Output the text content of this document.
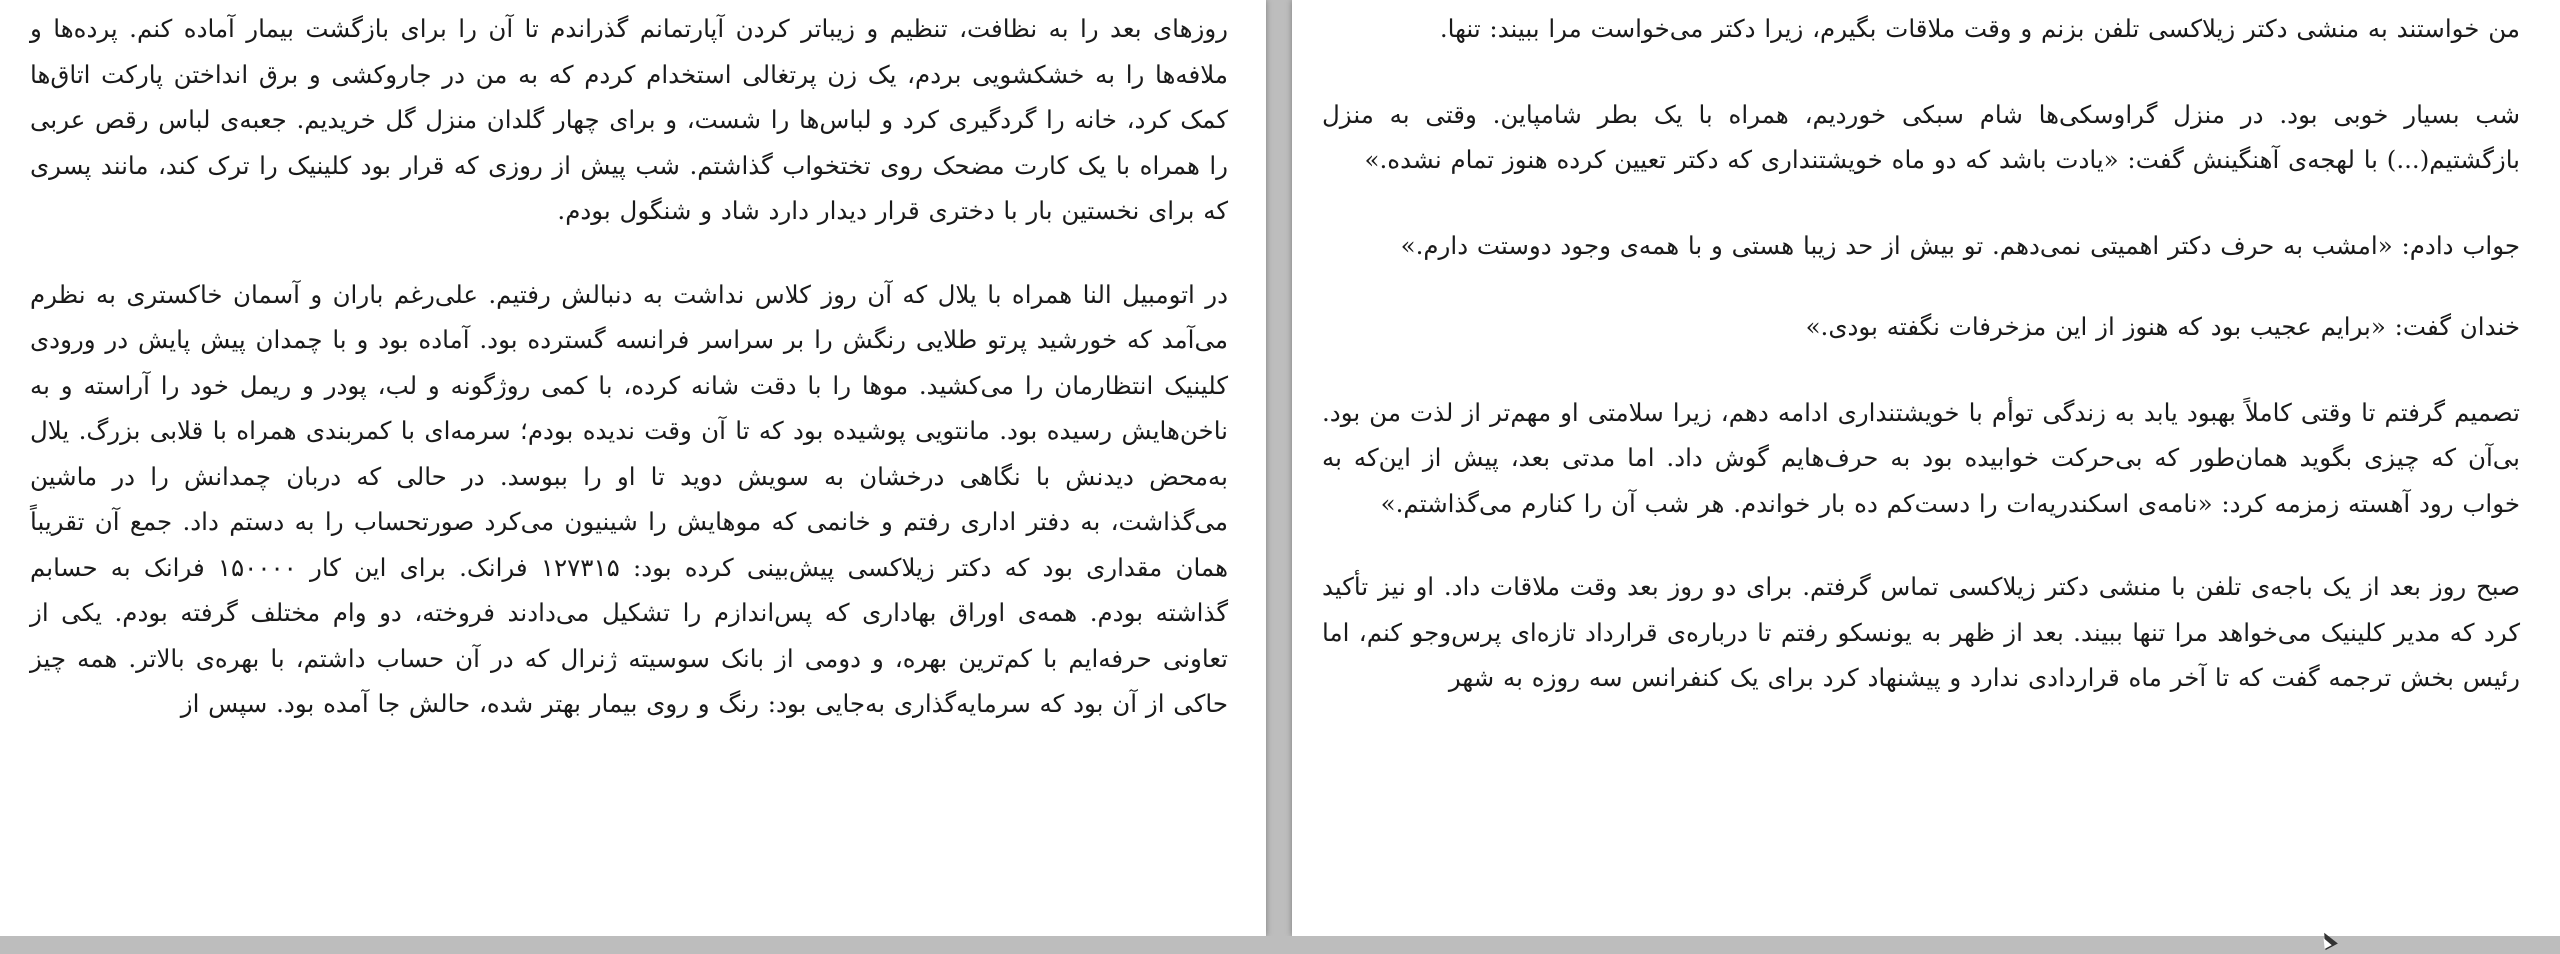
روزهای بعد را به نظافت، تنظیم و زیباتر کردن آپارتمانم گذراندم تا آن را برای بازگشت بیمار آماده کنم. پرده‌ها و ملافه‌ها را به خشکشویی بردم، یک زن پرتغالی استخدام کردم که به من در جاروکشی و برق انداختن پارکت اتاق‌ها کمک کرد، خانه را گردگیری کرد و لباس‌ها را شست، و برای چهار گلدان منزل گل خریدیم. جعبه‌ی لباس رقص عربی را همراه با یک کارت مضحک روی تختخواب گذاشتم. شب پیش از روزی که قرار بود کلینیک را ترک کند، مانند پسری که برای نخستین بار با دختری قرار دیدار دارد شاد و شنگول بودم.

در اتومبیل النا همراه با یلال که آن روز کلاس نداشت به دنبالش رفتیم. علی‌رغم باران و آسمان خاکستری به نظرم می‌آمد که خورشید پرتو طلایی رنگش را بر سراسر فرانسه گسترده بود. آماده بود و با چمدان پیش پایش در ورودی کلینیک انتظارمان را می‌کشید. موها را با دقت شانه کرده، با کمی روژگونه و لب، پودر و ریمل خود را آراسته و به ناخن‌هایش رسیده بود. مانتویی پوشیده بود که تا آن وقت ندیده بودم؛ سرمه‌ای با کمربندی همراه با قلابی بزرگ. یلال به‌محض دیدنش با نگاهی درخشان به سویش دوید تا او را ببوسد. در حالی که دربان چمدانش را در ماشین می‌گذاشت، به دفتر اداری رفتم و خانمی که موهایش را شینیون می‌کرد صورتحساب را به دستم داد. جمع آن تقریباً همان مقداری بود که دکتر زیلاکسی پیش‌بینی کرده بود: ۱۲۷۳۱۵ فرانک. برای این کار ۱۵۰۰۰۰ فرانک به حسابم گذاشته بودم. همه‌ی اوراق بهاداری که پس‌اندازم را تشکیل می‌دادند فروخته، دو وام مختلف گرفته بودم. یکی از تعاونی حرفه‌ایم با کم‌ترین بهره، و دومی از بانک سوسیته ژنرال که در آن حساب داشتم، با بهره‌ی بالاتر. همه چیز حاکی از آن بود که سرمایه‌گذاری به‌جایی بود: رنگ و روی بیمار بهتر شده، حالش جا آمده بود. سپس از

من خواستند به منشی دکتر زیلاکسی تلفن بزنم و وقت ملاقات بگیرم، زیرا دکتر می‌خواست مرا ببیند: تنها.

شب بسیار خوبی بود. در منزل گراوسکی‌ها شام سبکی خوردیم، همراه با یک بطر شامپاین. وقتی به منزل بازگشتیم(...) با لهجه‌ی آهنگینش گفت: «یادت باشد که دو ماه خویشتنداری که دکتر تعیین کرده هنوز تمام نشده.»

جواب دادم: «امشب به حرف دکتر اهمیتی نمی‌دهم. تو بیش از حد زیبا هستی و با همه‌ی وجود دوستت دارم.»

خندان گفت: «برایم عجیب بود که هنوز از این مزخرفات نگفته بودی.»

تصمیم گرفتم تا وقتی کاملاً بهبود یابد به زندگی توأم با خویشتنداری ادامه دهم، زیرا سلامتی او مهم‌تر از لذت من بود. بی‌آن که چیزی بگوید همان‌طور که بی‌حرکت خوابیده بود به حرف‌هایم گوش داد. اما مدتی بعد، پیش از این‌که به خواب رود آهسته زمزمه کرد: «نامه‌ی اسکندریه‌ات را دست‌کم ده بار خواندم. هر شب آن را کنارم می‌گذاشتم.»

صبح روز بعد از یک باجه‌ی تلفن با منشی دکتر زیلاکسی تماس گرفتم. برای دو روز بعد وقت ملاقات داد. او نیز تأکید کرد که مدیر کلینیک می‌خواهد مرا تنها ببیند. بعد از ظهر به یونسکو رفتم تا درباره‌ی قرارداد تازه‌ای پرس‌وجو کنم، اما رئیس بخش ترجمه گفت که تا آخر ماه قراردادی ندارد و پیشنهاد کرد برای یک کنفرانس سه روزه به شهر
